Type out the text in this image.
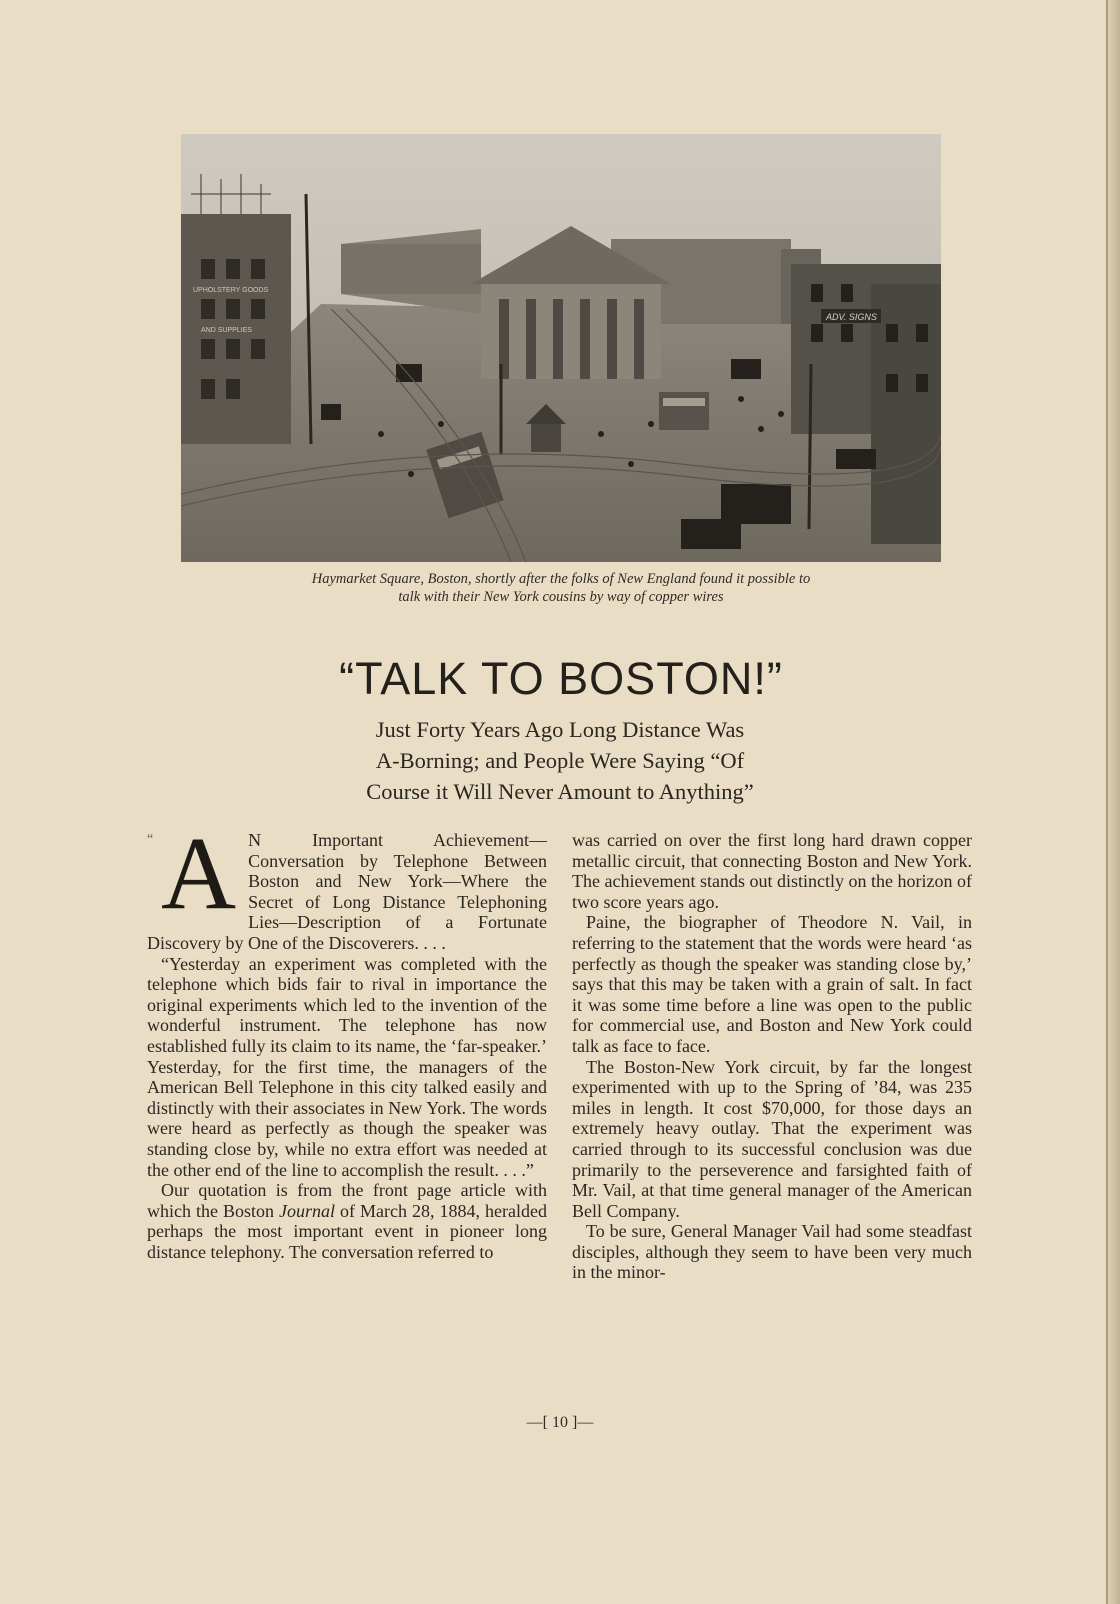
UPHOLSTERY GOODS
AND SUPPLIES
ADV. SIGNS

Haymarket Square, Boston, shortly after the folks of New England found it possible to

talk with their New York cousins by way of copper wires

“TALK TO BOSTON!”

Just Forty Years Ago Long Distance Was

A-Borning; and People Were Saying “Of

Course it Will Never Amount to Anything”

“ A N Important Achievement—Conversation by Telephone Between Boston and New York—Where the Secret of Long Distance Telephoning Lies—Description of a Fortunate Discovery by One of the Discoverers. . . .

“Yesterday an experiment was completed with the telephone which bids fair to rival in importance the original experiments which led to the invention of the wonderful instrument. The telephone has now established fully its claim to its name, the ‘far-speaker.’ Yesterday, for the first time, the managers of the American Bell Telephone in this city talked easily and distinctly with their associates in New York. The words were heard as perfectly as though the speaker was standing close by, while no extra effort was needed at the other end of the line to accomplish the result. . . .”

Our quotation is from the front page article with which the Boston Journal of March 28, 1884, heralded perhaps the most important event in pioneer long distance telephony. The conversation referred to

was carried on over the first long hard drawn copper metallic circuit, that connecting Boston and New York. The achievement stands out distinctly on the horizon of two score years ago.

Paine, the biographer of Theodore N. Vail, in referring to the statement that the words were heard ‘as perfectly as though the speaker was standing close by,’ says that this may be taken with a grain of salt. In fact it was some time before a line was open to the public for commercial use, and Boston and New York could talk as face to face.

The Boston-New York circuit, by far the longest experimented with up to the Spring of ’84, was 235 miles in length. It cost $70,000, for those days an extremely heavy outlay. That the experiment was carried through to its successful conclusion was due primarily to the perseverence and farsighted faith of Mr. Vail, at that time general manager of the American Bell Company.

To be sure, General Manager Vail had some steadfast disciples, although they seem to have been very much in the minor-

—[ 10 ]—
